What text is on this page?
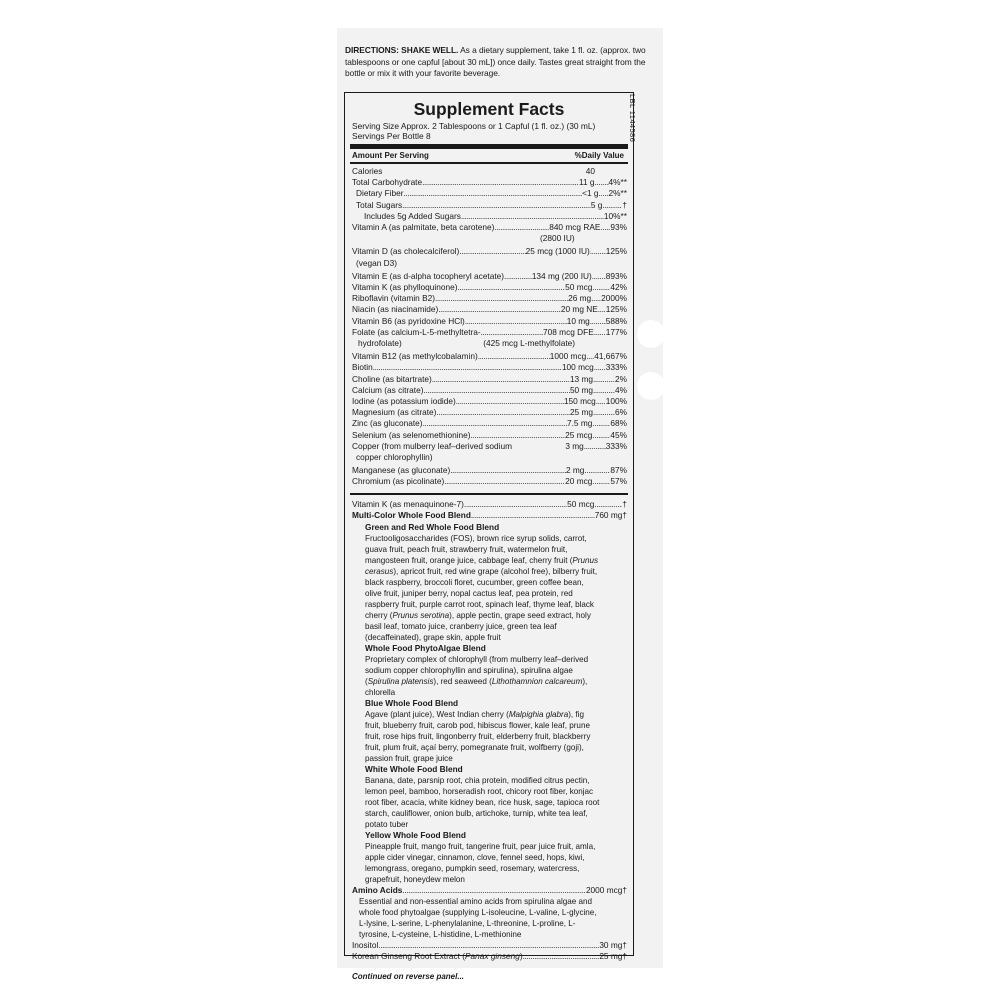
DIRECTIONS: SHAKE WELL. As a dietary supplement, take 1 fl. oz. (approx. two tablespoons or one capful [about 30 mL]) once daily. Tastes great straight from the bottle or mix it with your favorite beverage.
LBL 1144586
Supplement Facts
Serving Size Approx. 2 Tablespoons or 1 Capful (1 fl. oz.) (30 mL)
Servings Per Bottle 8
Amount Per Serving	%Daily Value
Calories	40
Total Carbohydrate .....	11 g ..... 4%**
Dietary Fiber .....	<1 g ..... 2%**
Total Sugars .....	5 g ..... †
Includes 5g Added Sugars .....	10%**
Vitamin A (as palmitate, beta carotene) .....	840 mcg RAE ..... 93%
(2800 IU)
Vitamin D (as cholecalciferol) .....	25 mcg (1000 IU) ..... 125%
(vegan D3)
Vitamin E (as d-alpha tocopheryl acetate) .....	134 mg (200 IU) ..... 893%
Vitamin K (as phylloquinone) .....	50 mcg ..... 42%
Riboflavin (vitamin B2) .....	26 mg ..... 2000%
Niacin (as niacinamide) .....	20 mg NE ..... 125%
Vitamin B6 (as pyridoxine HCl) .....	10 mg ..... 588%
Folate (as calcium-L-5-methyltetra- .....	708 mcg DFE ..... 177%
hydrofolate)	(425 mcg L-methylfolate)
Vitamin B12 (as methylcobalamin) .....	1000 mcg ..... 41,667%
Biotin .....	100 mcg ..... 333%
Choline (as bitartrate) .....	13 mg .....	2%
Calcium (as citrate) .....	50 mg .....	4%
Iodine (as potassium iodide) .....	150 mcg ..... 100%
Magnesium (as citrate) .....	25 mg .....	6%
Zinc (as gluconate) .....	7.5 mg ..... 68%
Selenium (as selenomethionine) .....	25 mcg ..... 45%
Copper (from mulberry leaf–derived sodium	3 mg .....	333%
copper chlorophyllin)
Manganese (as gluconate) .....	2 mg .....	87%
Chromium (as picolinate) .....	20 mcg ..... 57%
Vitamin K (as menaquinone-7) .....	50 mcg .....	†
Multi-Color Whole Food Blend .....	760 mg†
Green and Red Whole Food Blend
Fructooligosaccharides (FOS), brown rice syrup solids, carrot, guava fruit, peach fruit, strawberry fruit, watermelon fruit, mangosteen fruit, orange juice, cabbage leaf, cherry fruit (Prunus cerasus), apricot fruit, red wine grape (alcohol free), bilberry fruit, black raspberry, broccoli floret, cucumber, green coffee bean, olive fruit, juniper berry, nopal cactus leaf, pea protein, red raspberry fruit, purple carrot root, spinach leaf, thyme leaf, black cherry (Prunus serotina), apple pectin, grape seed extract, holy basil leaf, tomato juice, cranberry juice, green tea leaf (decaffeinated), grape skin, apple fruit
Whole Food PhytoAlgae Blend
Proprietary complex of chlorophyll (from mulberry leaf–derived sodium copper chlorophyllin and spirulina), spirulina algae (Spirulina platensis), red seaweed (Lithothamnion calcareum), chlorella
Blue Whole Food Blend
Agave (plant juice), West Indian cherry (Malpighia glabra), fig fruit, blueberry fruit, carob pod, hibiscus flower, kale leaf, prune fruit, rose hips fruit, lingonberry fruit, elderberry fruit, blackberry fruit, plum fruit, açaí berry, pomegranate fruit, wolfberry (goji), passion fruit, grape juice
White Whole Food Blend
Banana, date, parsnip root, chia protein, modified citrus pectin, lemon peel, bamboo, horseradish root, chicory root fiber, konjac root fiber, acacia, white kidney bean, rice husk, sage, tapioca root starch, cauliflower, onion bulb, artichoke, turnip, white tea leaf, potato tuber
Yellow Whole Food Blend
Pineapple fruit, mango fruit, tangerine fruit, pear juice fruit, amla, apple cider vinegar, cinnamon, clove, fennel seed, hops, kiwi, lemongrass, oregano, pumpkin seed, rosemary, watercress, grapefruit, honeydew melon
Amino Acids .....	2000 mcg†
Essential and non-essential amino acids from spirulina algae and whole food phytoalgae (supplying L-isoleucine, L-valine, L-glycine, L-lysine, L-serine, L-phenylalanine, L-threonine, L-proline, L-tyrosine, L-cysteine, L-histidine, L-methionine
Inositol .....	30 mg†
Korean Ginseng Root Extract (Panax ginseng) .....	25 mg†
Continued on reverse panel...
